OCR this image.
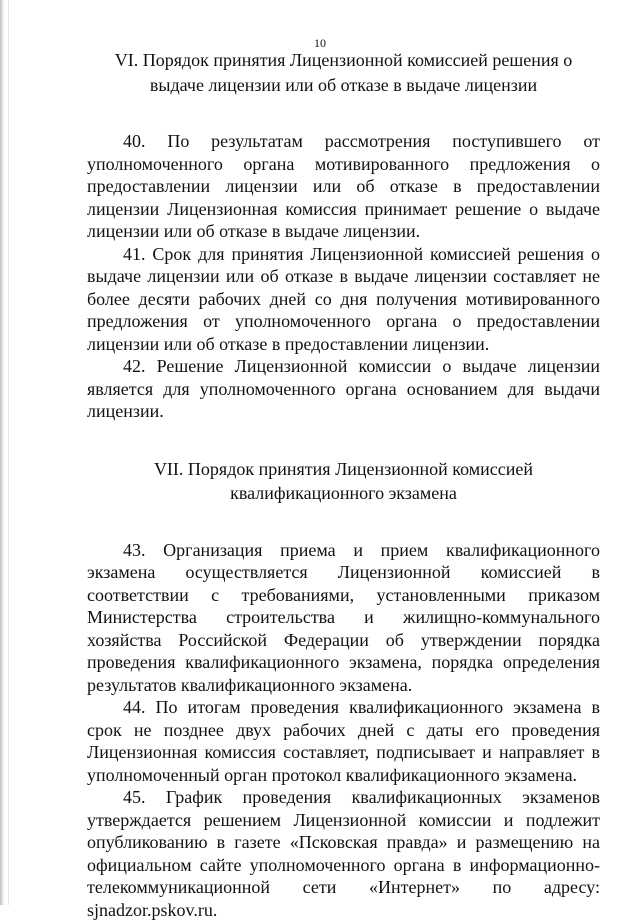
10
VI. Порядок принятия Лицензионной комиссией решения о выдаче лицензии или об отказе в выдаче лицензии

40. По результатам рассмотрения поступившего от уполномоченного органа мотивированного предложения о предоставлении лицензии или об отказе в предоставлении лицензии Лицензионная комиссия принимает решение о выдаче лицензии или об отказе в выдаче лицензии.

41. Срок для принятия Лицензионной комиссией решения о выдаче лицензии или об отказе в выдаче лицензии составляет не более десяти рабочих дней со дня получения мотивированного предложения от уполномоченного органа о предоставлении лицензии или об отказе в предоставлении лицензии.

42. Решение Лицензионной комиссии о выдаче лицензии является для уполномоченного органа основанием для выдачи лицензии.

VII. Порядок принятия Лицензионной комиссией квалификационного экзамена

43. Организация приема и прием квалификационного экзамена осуществляется Лицензионной комиссией в соответствии с требованиями, установленными приказом Министерства строительства и жилищно-коммунального хозяйства Российской Федерации об утверждении порядка проведения квалификационного экзамена, порядка определения результатов квалификационного экзамена.

44. По итогам проведения квалификационного экзамена в срок не позднее двух рабочих дней с даты его проведения Лицензионная комиссия составляет, подписывает и направляет в уполномоченный орган протокол квалификационного экзамена.

45. График проведения квалификационных экзаменов утверждается решением Лицензионной комиссии и подлежит опубликованию в газете «Псковская правда» и размещению на официальном сайте уполномоченного органа в информационно-телекоммуникационной сети «Интернет» по адресу: sjnadzor.pskov.ru.
